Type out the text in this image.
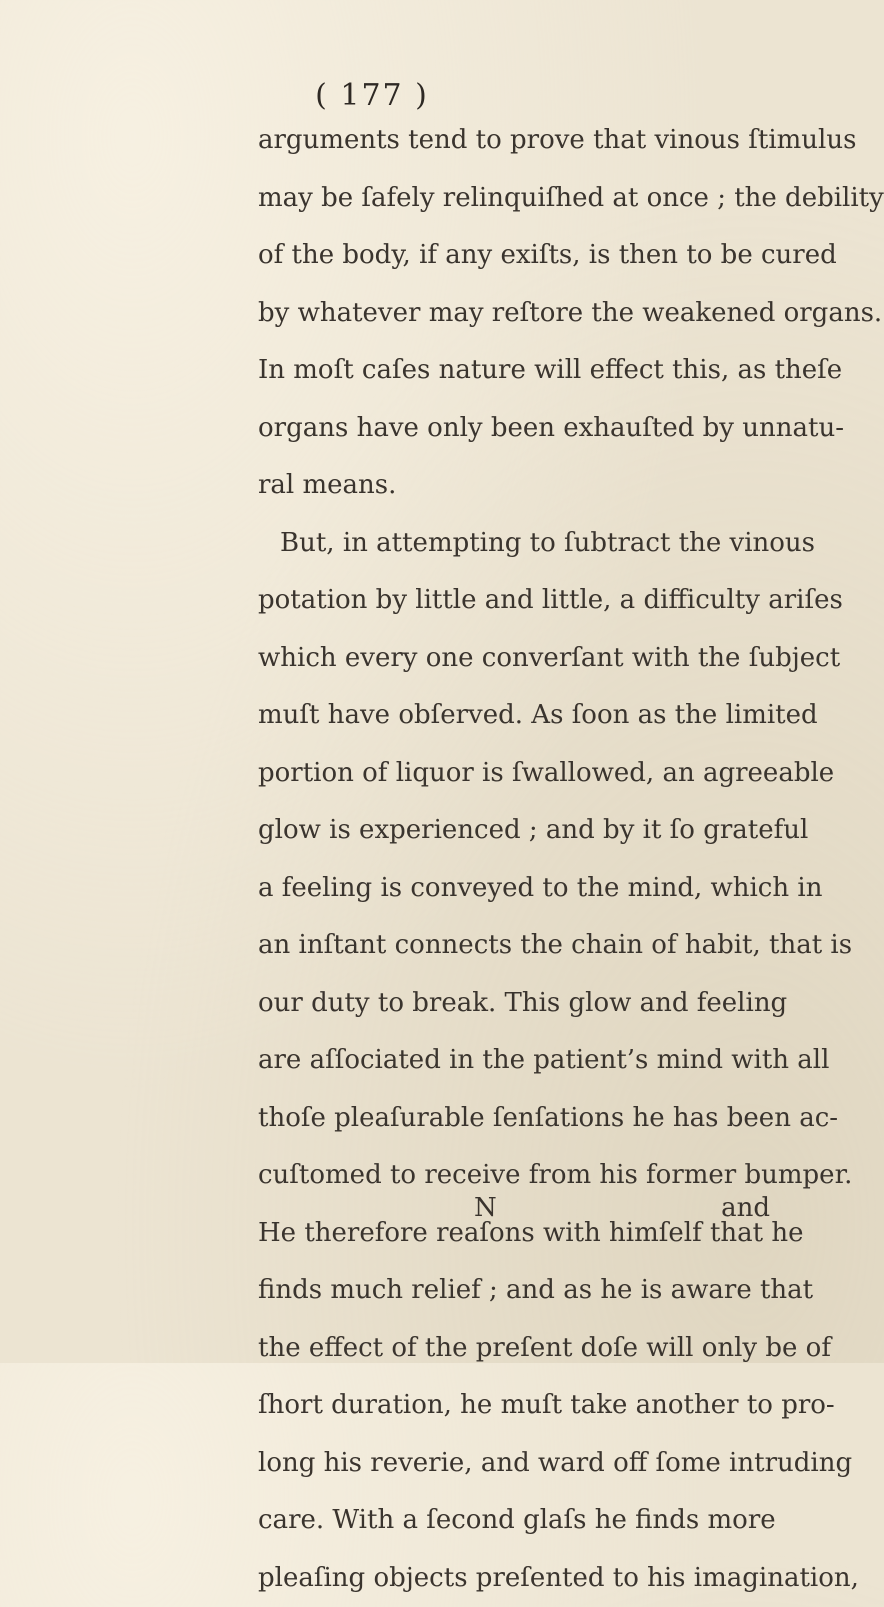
( 177 )
arguments tend to prove that vinous ſtimulus
may be ſafely relinquiſhed at once ; the debility
of the body, if any exiſts, is then to be cured
by whatever may reſtore the weakened organs.
In moſt caſes nature will effect this, as theſe
organs have only been exhauſted by unnatu-
ral means.
But, in attempting to ſubtract the vinous
potation by little and little, a difficulty ariſes
which every one converſant with the ſubject
muſt have obſerved. As ſoon as the limited
portion of liquor is ſwallowed, an agreeable
glow is experienced ; and by it ſo grateful
a feeling is conveyed to the mind, which in
an inſtant connects the chain of habit, that is
our duty to break. This glow and feeling
are aſſociated in the patient’s mind with all
thoſe pleaſurable ſenſations he has been ac-
cuſtomed to receive from his former bumper.
He therefore reaſons with himſelf that he
finds much relief ; and as he is aware that
the effect of the preſent doſe will only be of
ſhort duration, he muſt take another to pro-
long his reverie, and ward off ſome intruding
care. With a ſecond glaſs he finds more
pleaſing objects preſented to his imagination,
N	and
